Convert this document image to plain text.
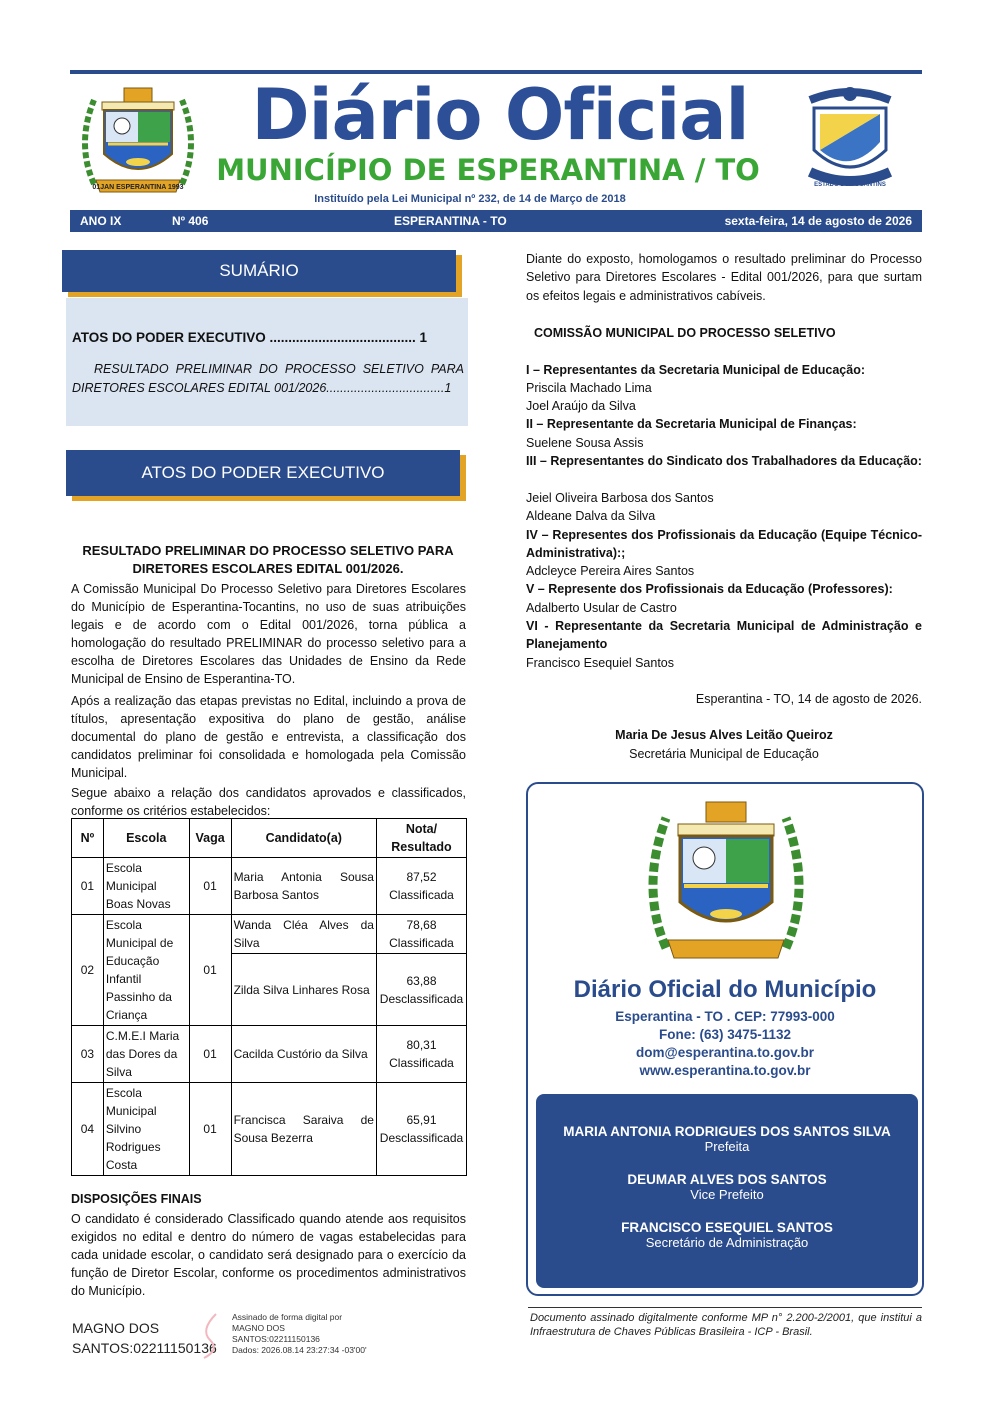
01JAN ESPERANTINA 1993
Diário Oficial
MUNICÍPIO DE ESPERANTINA / TO
Instituído pela Lei Municipal nº 232, de 14 de Março de 2018
ESTADO DO TOCANTINS
ANO IX	Nº 406	ESPERANTINA - TO	sexta-feira, 14 de agosto de 2026
SUMÁRIO
ATOS DO PODER EXECUTIVO ....................................... 1
RESULTADO PRELIMINAR DO PROCESSO SELETIVO PARA DIRETORES ESCOLARES EDITAL 001/2026..................................1
ATOS DO PODER EXECUTIVO
RESULTADO PRELIMINAR DO PROCESSO SELETIVO PARA DIRETORES ESCOLARES EDITAL 001/2026.
A Comissão Municipal Do Processo Seletivo para Diretores Escolares do Município de Esperantina-Tocantins, no uso de suas atribuições legais e de acordo com o Edital 001/2026, torna pública a homologação do resultado PRELIMINAR do processo seletivo para a escolha de Diretores Escolares das Unidades de Ensino da Rede Municipal de Ensino de Esperantina-TO.
Após a realização das etapas previstas no Edital, incluindo a prova de títulos, apresentação expositiva do plano de gestão, análise documental do plano de gestão e entrevista, a classificação dos candidatos preliminar foi consolidada e homologada pela Comissão Municipal.
Segue abaixo a relação dos candidatos aprovados e classificados, conforme os critérios estabelecidos:
Nº	Escola	Vaga	Candidato(a)	Nota/ Resultado
01	Escola Municipal Boas Novas	01	Maria Antonia Sousa Barbosa Santos	87,52 Classificada
02	Escola Municipal de Educação Infantil Passinho da Criança	01	Wanda Cléa Alves da Silva	78,68 Classificada
			Zilda Silva Linhares Rosa	63,88 Desclassificada
03	C.M.E.I Maria das Dores da Silva	01	Cacilda Custório da Silva	80,31 Classificada
04	Escola Municipal Silvino Rodrigues Costa	01	Francisca Saraiva de Sousa Bezerra	65,91 Desclassificada
DISPOSIÇÕES FINAIS
O candidato é considerado Classificado quando atende aos requisitos exigidos no edital e dentro do número de vagas estabelecidas para cada unidade escolar, o candidato será designado para o exercício da função de Diretor Escolar, conforme os procedimentos administrativos do Município.
Diante do exposto, homologamos o resultado preliminar do Processo Seletivo para Diretores Escolares - Edital 001/2026, para que surtam os efeitos legais e administrativos cabíveis.
COMISSÃO MUNICIPAL DO PROCESSO SELETIVO
I – Representantes da Secretaria Municipal de Educação:
Priscila Machado Lima
Joel Araújo da Silva
II – Representante da Secretaria Municipal de Finanças:
Suelene Sousa Assis
III – Representantes do Sindicato dos Trabalhadores da Educação:
Jeiel Oliveira Barbosa dos Santos
Aldeane Dalva da Silva
IV – Representes dos Profissionais da Educação (Equipe Técnico- Administrativa):;
Adcleyce Pereira Aires Santos
V – Represente dos Profissionais da Educação (Professores):
Adalberto Usular de Castro
VI - Representante da Secretaria Municipal de Administração e Planejamento
Francisco Esequiel Santos
Esperantina - TO, 14 de agosto de 2026.
Maria De Jesus Alves Leitão Queiroz
Secretária Municipal de Educação
Diário Oficial do Município
Esperantina - TO . CEP: 77993-000
Fone: (63) 3475-1132
dom@esperantina.to.gov.br
www.esperantina.to.gov.br
MARIA ANTONIA RODRIGUES DOS SANTOS SILVA
Prefeita
DEUMAR ALVES DOS SANTOS
Vice Prefeito
FRANCISCO ESEQUIEL SANTOS
Secretário de Administração
MAGNO DOS
SANTOS:02211150136
Assinado de forma digital por
MAGNO DOS
SANTOS:02211150136
Dados: 2026.08.14 23:27:34 -03'00'
Documento assinado digitalmente conforme MP n° 2.200-2/2001, que institui a Infraestrutura de Chaves Públicas Brasileira - ICP - Brasil.
